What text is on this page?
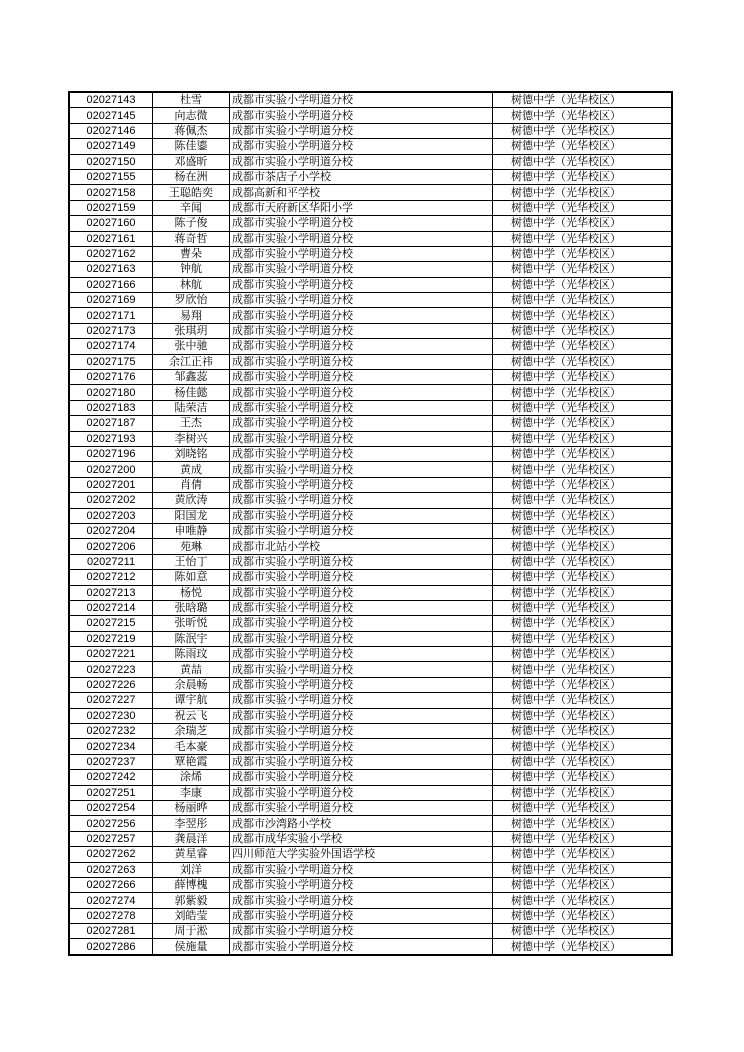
02027143	杜雪	成都市实验小学明道分校	树德中学（光华校区）
02027145	向志微	成都市实验小学明道分校	树德中学（光华校区）
02027146	蒋佩杰	成都市实验小学明道分校	树德中学（光华校区）
02027149	陈佳鎏	成都市实验小学明道分校	树德中学（光华校区）
02027150	邓盛昕	成都市实验小学明道分校	树德中学（光华校区）
02027155	杨在洲	成都市茶店子小学校	树德中学（光华校区）
02027158	王聪皓奕	成都高新和平学校	树德中学（光华校区）
02027159	辛闻	成都市天府新区华阳小学	树德中学（光华校区）
02027160	陈子俊	成都市实验小学明道分校	树德中学（光华校区）
02027161	蒋奇哲	成都市实验小学明道分校	树德中学（光华校区）
02027162	曹朵	成都市实验小学明道分校	树德中学（光华校区）
02027163	钟航	成都市实验小学明道分校	树德中学（光华校区）
02027166	林航	成都市实验小学明道分校	树德中学（光华校区）
02027169	罗欣怡	成都市实验小学明道分校	树德中学（光华校区）
02027171	易翔	成都市实验小学明道分校	树德中学（光华校区）
02027173	张琪玥	成都市实验小学明道分校	树德中学（光华校区）
02027174	张中驰	成都市实验小学明道分校	树德中学（光华校区）
02027175	余江正祎	成都市实验小学明道分校	树德中学（光华校区）
02027176	邹鑫蕊	成都市实验小学明道分校	树德中学（光华校区）
02027180	杨佳懿	成都市实验小学明道分校	树德中学（光华校区）
02027183	陆荣洁	成都市实验小学明道分校	树德中学（光华校区）
02027187	王杰	成都市实验小学明道分校	树德中学（光华校区）
02027193	李树兴	成都市实验小学明道分校	树德中学（光华校区）
02027196	刘晓铭	成都市实验小学明道分校	树德中学（光华校区）
02027200	黄成	成都市实验小学明道分校	树德中学（光华校区）
02027201	肖倩	成都市实验小学明道分校	树德中学（光华校区）
02027202	黄欣涛	成都市实验小学明道分校	树德中学（光华校区）
02027203	阳国龙	成都市实验小学明道分校	树德中学（光华校区）
02027204	申唯静	成都市实验小学明道分校	树德中学（光华校区）
02027206	苑琳	成都市北站小学校	树德中学（光华校区）
02027211	王怡丁	成都市实验小学明道分校	树德中学（光华校区）
02027212	陈如意	成都市实验小学明道分校	树德中学（光华校区）
02027213	杨悦	成都市实验小学明道分校	树德中学（光华校区）
02027214	张晗璐	成都市实验小学明道分校	树德中学（光华校区）
02027215	张昕悦	成都市实验小学明道分校	树德中学（光华校区）
02027219	陈泯宇	成都市实验小学明道分校	树德中学（光华校区）
02027221	陈雨玟	成都市实验小学明道分校	树德中学（光华校区）
02027223	黄喆	成都市实验小学明道分校	树德中学（光华校区）
02027226	余晨畅	成都市实验小学明道分校	树德中学（光华校区）
02027227	谭宇航	成都市实验小学明道分校	树德中学（光华校区）
02027230	祝云飞	成都市实验小学明道分校	树德中学（光华校区）
02027232	余瑞芝	成都市实验小学明道分校	树德中学（光华校区）
02027234	毛本豪	成都市实验小学明道分校	树德中学（光华校区）
02027237	覃艳霞	成都市实验小学明道分校	树德中学（光华校区）
02027242	涂烯	成都市实验小学明道分校	树德中学（光华校区）
02027251	李康	成都市实验小学明道分校	树德中学（光华校区）
02027254	杨丽晔	成都市实验小学明道分校	树德中学（光华校区）
02027256	李翌彤	成都市沙湾路小学校	树德中学（光华校区）
02027257	龚晨洋	成都市成华实验小学校	树德中学（光华校区）
02027262	黄星睿	四川师范大学实验外国语学校	树德中学（光华校区）
02027263	刘洋	成都市实验小学明道分校	树德中学（光华校区）
02027266	薛博槐	成都市实验小学明道分校	树德中学（光华校区）
02027274	郭紫毅	成都市实验小学明道分校	树德中学（光华校区）
02027278	刘皓莹	成都市实验小学明道分校	树德中学（光华校区）
02027281	周于淞	成都市实验小学明道分校	树德中学（光华校区）
02027286	侯施量	成都市实验小学明道分校	树德中学（光华校区）
